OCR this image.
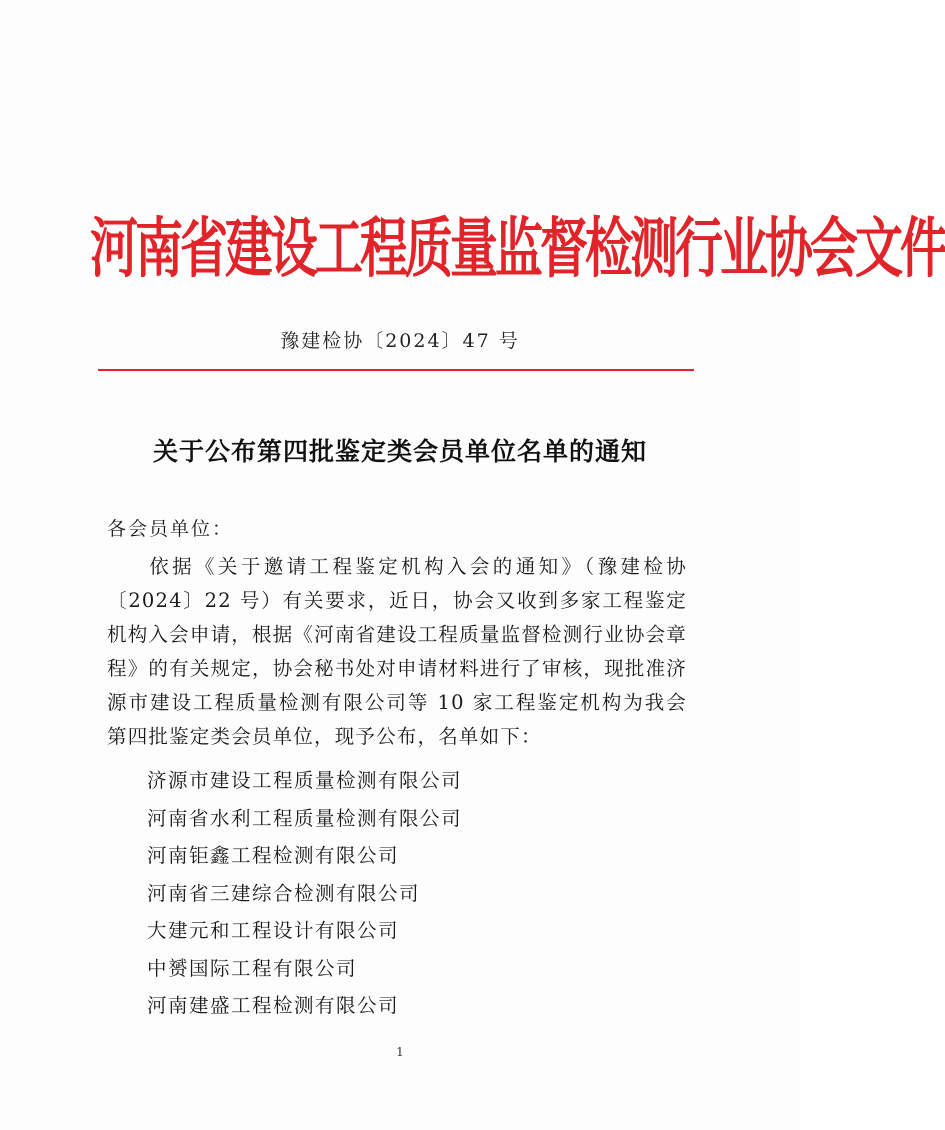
河南省建设工程质量监督检测行业协会文件
豫建检协〔2024〕47 号
关于公布第四批鉴定类会员单位名单的通知
各会员单位：
依据《关于邀请工程鉴定机构入会的通知》（豫建检协〔2024〕22 号）有关要求，近日，协会又收到多家工程鉴定机构入会申请，根据《河南省建设工程质量监督检测行业协会章程》的有关规定，协会秘书处对申请材料进行了审核，现批准济源市建设工程质量检测有限公司等 10 家工程鉴定机构为我会第四批鉴定类会员单位，现予公布，名单如下：
济源市建设工程质量检测有限公司
河南省水利工程质量检测有限公司
河南钜鑫工程检测有限公司
河南省三建综合检测有限公司
大建元和工程设计有限公司
中赟国际工程有限公司
河南建盛工程检测有限公司
1
